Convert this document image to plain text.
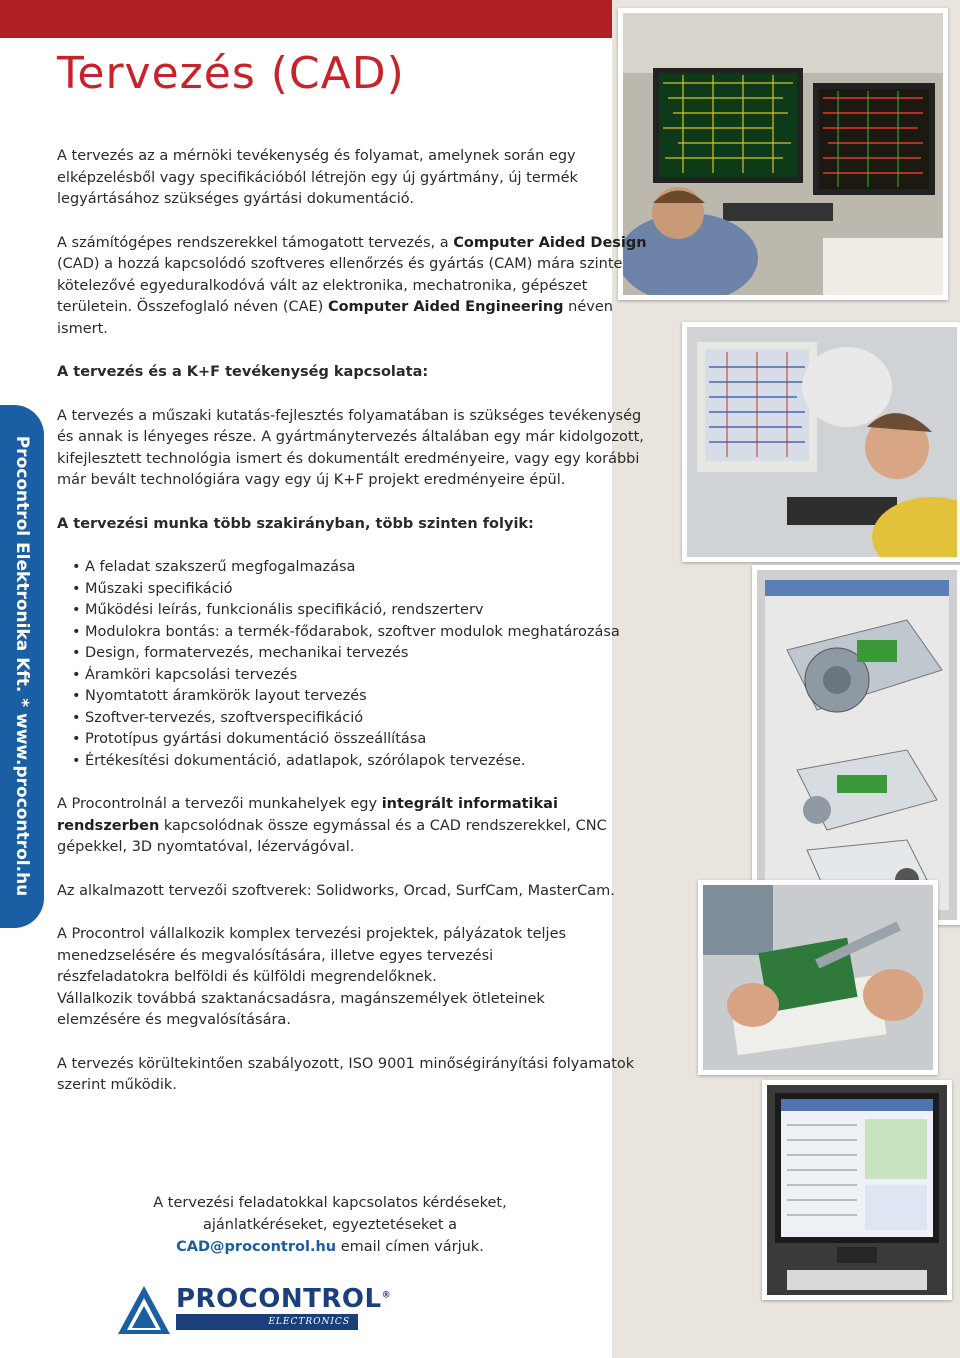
Tervezés (CAD)
Procontrol Elektronika Kft. * www.procontrol.hu

A tervezés az a mérnöki tevékenység és folyamat, amelynek során egy elképzelésből vagy specifikációból létrejön egy új gyártmány, új termék legyártásához szükséges gyártási dokumentáció.

A számítógépes rendszerekkel támogatott tervezés, a Computer Aided Design (CAD) a hozzá kapcsolódó szoftveres ellenőrzés és gyártás (CAM) mára szinte kötelezővé egyeduralkodóvá vált az elektronika, mechatronika, gépészet területein. Összefoglaló néven (CAE) Computer Aided Engineering néven ismert.

A tervezés és a K+F tevékenység kapcsolata:

A tervezés a műszaki kutatás-fejlesztés folyamatában is szükséges tevékenység és annak is lényeges része. A gyártmánytervezés általában egy már kidolgozott, kifejlesztett technológia ismert és dokumentált eredményeire, vagy egy korábbi már bevált technológiára vagy egy új K+F projekt eredményeire épül.

A tervezési munka több szakirányban, több szinten folyik:
• A feladat szakszerű megfogalmazása
• Műszaki specifikáció
• Működési leírás, funkcionális specifikáció, rendszerterv
• Modulokra bontás: a termék-fődarabok, szoftver modulok meghatározása
• Design, formatervezés, mechanikai tervezés
• Áramköri kapcsolási tervezés
• Nyomtatott áramkörök layout tervezés
• Szoftver-tervezés, szoftverspecifikáció
• Prototípus gyártási dokumentáció összeállítása
• Értékesítési dokumentáció, adatlapok, szórólapok tervezése.

A Procontrolnál a tervezői munkahelyek egy integrált informatikai rendszerben kapcsolódnak össze egymással és a CAD rendszerekkel, CNC gépekkel, 3D nyomtatóval, lézervágóval.

Az alkalmazott tervezői szoftverek: Solidworks, Orcad, SurfCam, MasterCam.

A Procontrol vállalkozik komplex tervezési projektek, pályázatok teljes menedzselésére és megvalósítására, illetve egyes tervezési részfeladatokra belföldi és külföldi megrendelőknek.
Vállalkozik továbbá szaktanácsadásra, magánszemélyek ötleteinek elemzésére és megvalósítására.

A tervezés körültekintően szabályozott, ISO 9001 minőségirányítási folyamatok szerint működik.

A tervezési feladatokkal kapcsolatos kérdéseket,
ajánlatkéréseket, egyeztetéseket a
CAD@procontrol.hu email címen várjuk.
PROCONTROL®
ELECTRONICS
